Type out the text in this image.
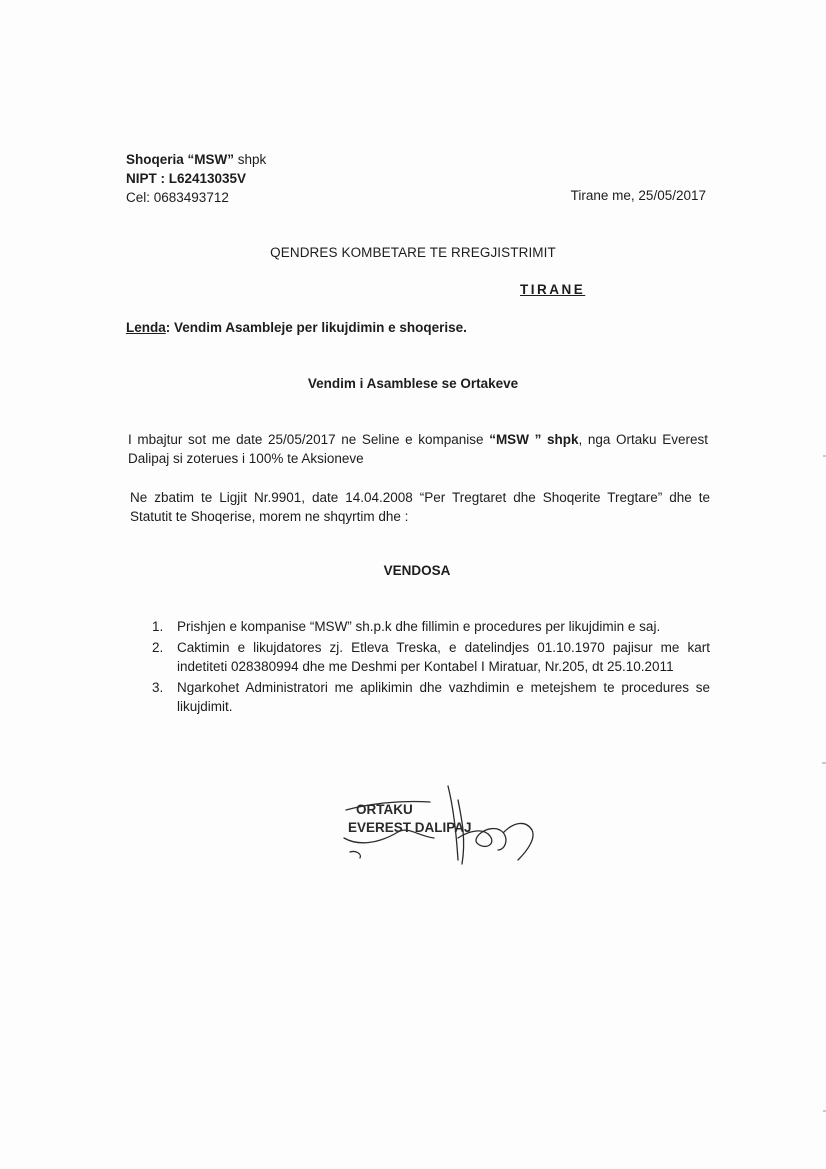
Shoqeria “MSW” shpk
NIPT : L62413035V
Cel: 0683493712	Tirane me, 25/05/2017
QENDRES KOMBETARE TE RREGJISTRIMIT
TIRANE
Lenda: Vendim Asambleje per likujdimin e shoqerise.
Vendim i Asamblese se Ortakeve
I mbajtur sot me date 25/05/2017 ne Seline e kompanise “MSW ” shpk, nga Ortaku Everest Dalipaj si zoterues i 100% te Aksioneve
Ne zbatim te Ligjit Nr.9901, date 14.04.2008 “Per Tregtaret dhe Shoqerite Tregtare” dhe te Statutit te Shoqerise, morem ne shqyrtim dhe :
VENDOSA
1. Prishjen e kompanise “MSW” sh.p.k dhe fillimin e procedures per likujdimin e saj.
2. Caktimin e likujdatores zj. Etleva Treska, e datelindjes 01.10.1970 pajisur me kart indetiteti 028380994 dhe me Deshmi per Kontabel I Miratuar, Nr.205, dt 25.10.2011
3. Ngarkohet Administratori me aplikimin dhe vazhdimin e metejshem te procedures se likujdimit.
ORTAKU
EVEREST DALIPAJ
